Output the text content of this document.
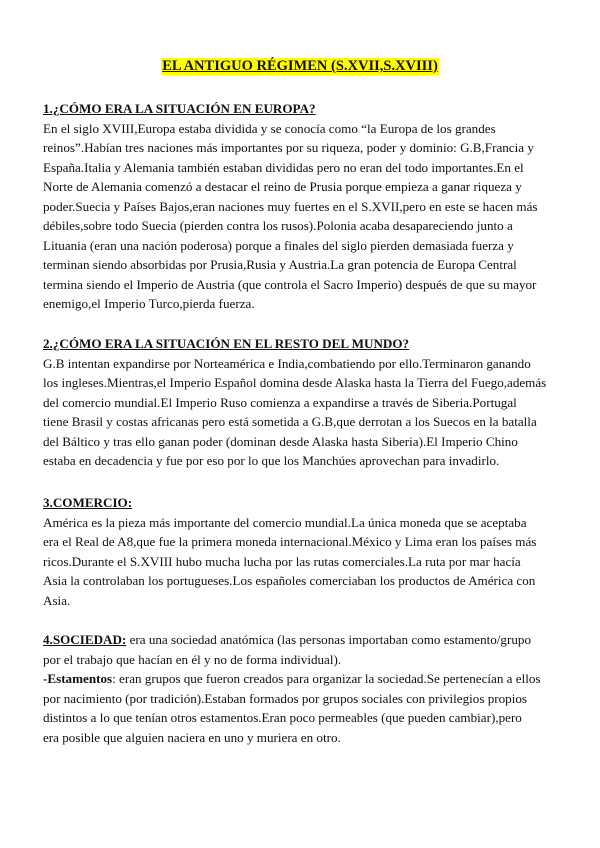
EL ANTIGUO RÉGIMEN (S.XVII,S.XVIII)
1.¿CÓMO ERA LA SITUACIÓN EN EUROPA?
En el siglo XVIII,Europa estaba dividida y se conocía como “la Europa de los grandes
reinos”.Habían tres naciones más importantes por su riqueza, poder y dominio: G.B,Francia y
España.Italia y Alemania también estaban divididas pero no eran del todo importantes.En el
Norte de Alemania comenzó a destacar el reino de Prusia porque empieza a ganar riqueza y
poder.Suecia y Países Bajos,eran naciones muy fuertes en el S.XVII,pero en este se hacen más
débiles,sobre todo Suecia (pierden contra los rusos).Polonia acaba desapareciendo junto a
Lituania (eran una nación poderosa) porque a finales del siglo pierden demasiada fuerza y
terminan siendo absorbidas por Prusia,Rusia y Austria.La gran potencia de Europa Central
termina siendo el Imperio de Austria (que controla el Sacro Imperio) después de que su mayor
enemigo,el Imperio Turco,pierda fuerza.
2.¿CÓMO ERA LA SITUACIÓN EN EL RESTO DEL MUNDO?
G.B intentan expandirse por Norteamérica e India,combatiendo por ello.Terminaron ganando
los ingleses.Mientras,el Imperio Español domina desde Alaska hasta la Tierra del Fuego,además
del comercio mundial.El Imperio Ruso comienza a expandirse a través de Siberia.Portugal
tiene Brasil y costas africanas pero está sometida a G.B,que derrotan a los Suecos en la batalla
del Báltico y tras ello ganan poder (dominan desde Alaska hasta Siberia).El Imperio Chino
estaba en decadencia y fue por eso por lo que los Manchúes aprovechan para invadirlo.
3.COMERCIO:
América es la pieza más importante del comercio mundial.La única moneda que se aceptaba
era el Real de A8,que fue la primera moneda internacional.México y Lima eran los países más
ricos.Durante el S.XVIII hubo mucha lucha por las rutas comerciales.La ruta por mar hacía
Asia la controlaban los portugueses.Los españoles comerciaban los productos de América con
Asia.
4.SOCIEDAD: era una sociedad anatómica (las personas importaban como estamento/grupo
por el trabajo que hacían en él y no de forma individual).
-Estamentos: eran grupos que fueron creados para organizar la sociedad.Se pertenecían a ellos
por nacimiento (por tradición).Estaban formados por grupos sociales con privilegios propios
distintos a lo que tenían otros estamentos.Eran poco permeables (que pueden cambiar),pero
era posible que alguien naciera en uno y muriera en otro.
